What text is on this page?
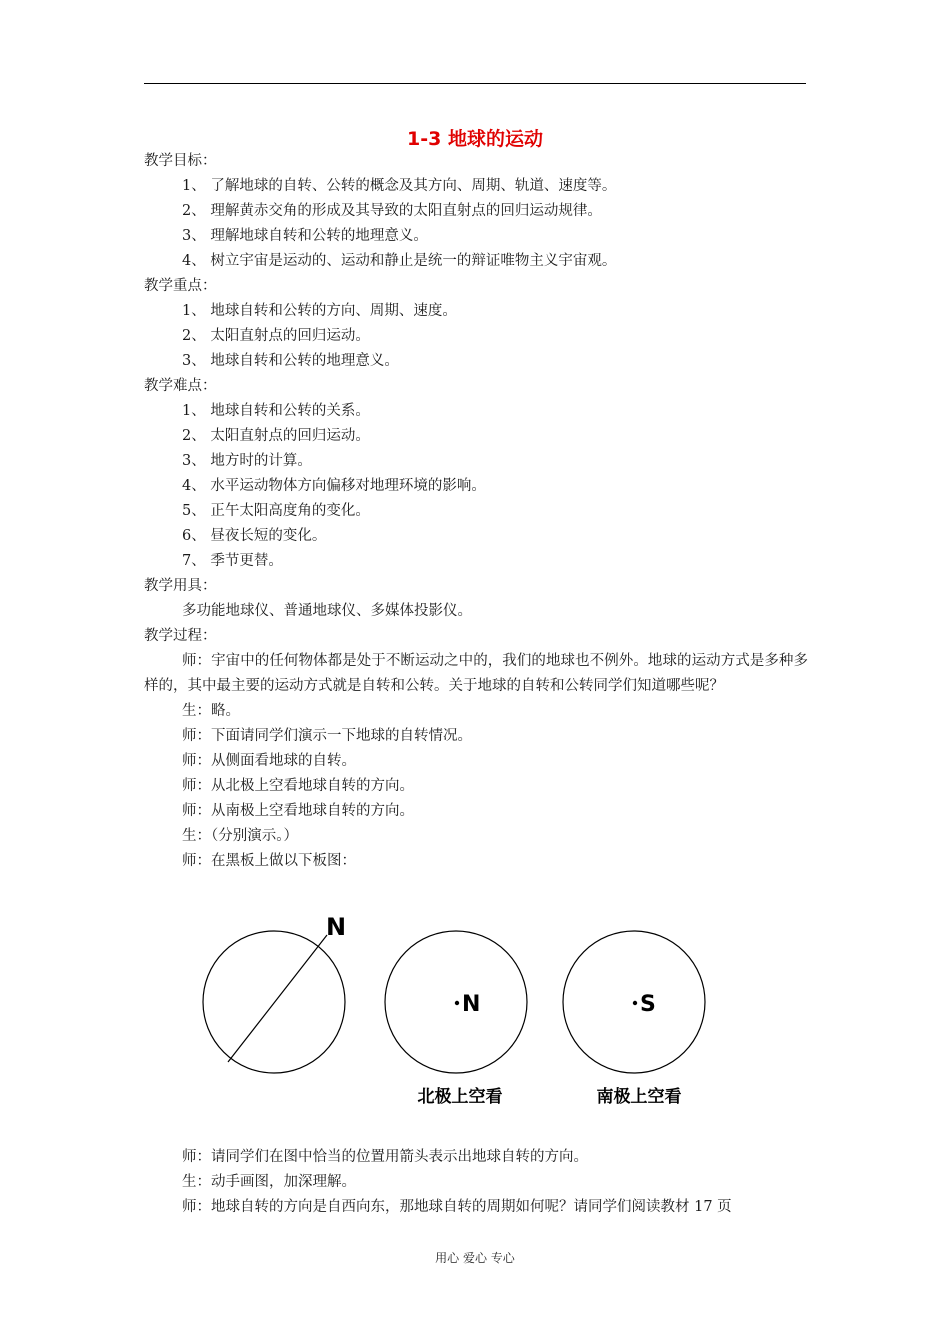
1-3 地球的运动
教学目标：
1、 了解地球的自转、公转的概念及其方向、周期、轨道、速度等。
2、 理解黄赤交角的形成及其导致的太阳直射点的回归运动规律。
3、 理解地球自转和公转的地理意义。
4、 树立宇宙是运动的、运动和静止是统一的辩证唯物主义宇宙观。
教学重点：
1、 地球自转和公转的方向、周期、速度。
2、 太阳直射点的回归运动。
3、 地球自转和公转的地理意义。
教学难点：
1、 地球自转和公转的关系。
2、 太阳直射点的回归运动。
3、 地方时的计算。
4、 水平运动物体方向偏移对地理环境的影响。
5、 正午太阳高度角的变化。
6、 昼夜长短的变化。
7、 季节更替。
教学用具：
多功能地球仪、普通地球仪、多媒体投影仪。
教学过程：
师：宇宙中的任何物体都是处于不断运动之中的，我们的地球也不例外。地球的运动方式是多种多样的，其中最主要的运动方式就是自转和公转。关于地球的自转和公转同学们知道哪些呢？
生：略。
师：下面请同学们演示一下地球的自转情况。
师：从侧面看地球的自转。
师：从北极上空看地球自转的方向。
师：从南极上空看地球自转的方向。
生：（分别演示。）
师：在黑板上做以下板图：
N
N
北极上空看
S
南极上空看
师：请同学们在图中恰当的位置用箭头表示出地球自转的方向。
生：动手画图，加深理解。
师：地球自转的方向是自西向东，那地球自转的周期如何呢？请同学们阅读教材 17 页
用心 爱心 专心
